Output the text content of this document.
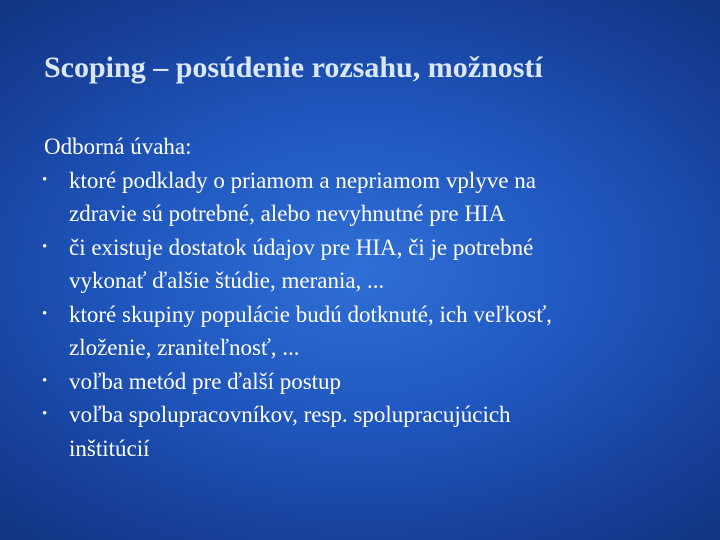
Scoping – posúdenie rozsahu, možností

Odborná úvaha:

• ktoré podklady o priamom a nepriamom vplyve na
zdravie sú potrebné, alebo nevyhnutné pre HIA
• či existuje dostatok údajov pre HIA, či je potrebné
vykonať ďalšie štúdie, merania, ...
• ktoré skupiny populácie budú dotknuté, ich veľkosť,
zloženie, zraniteľnosť, ...
• voľba metód pre ďalší postup
• voľba spolupracovníkov, resp. spolupracujúcich
inštitúcií
